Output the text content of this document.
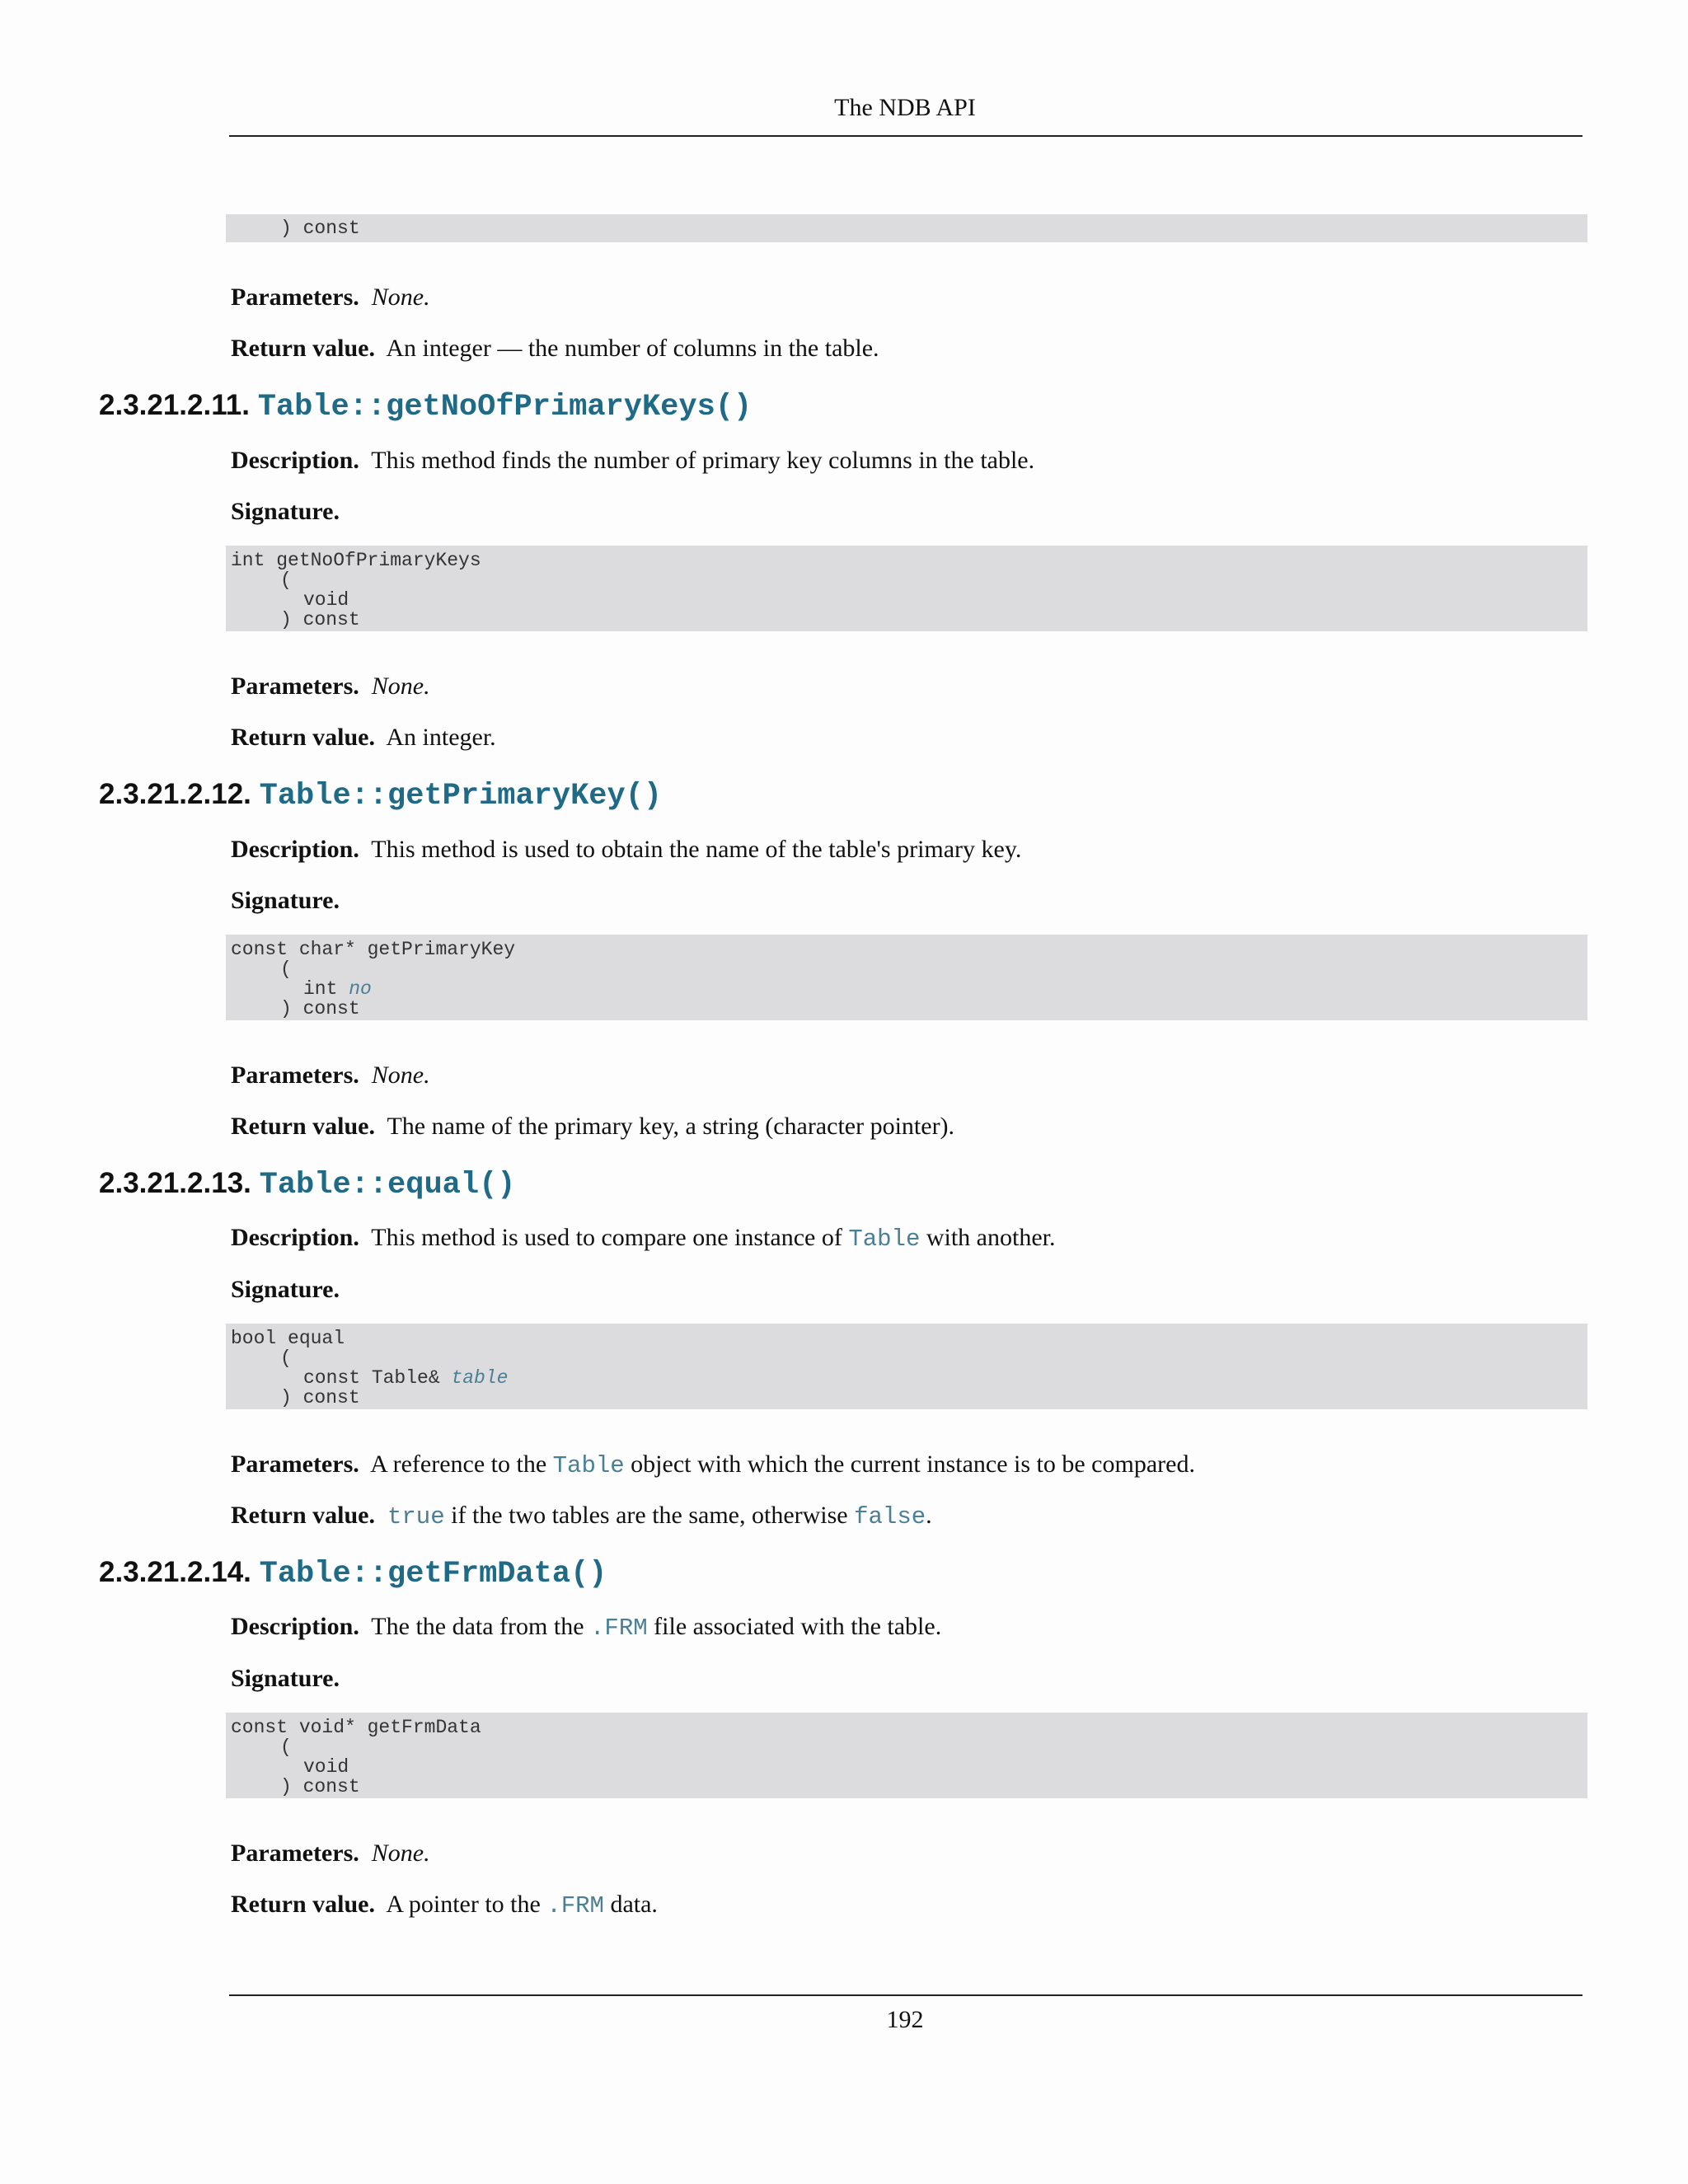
The NDB API
) const
Parameters. None.
Return value. An integer — the number of columns in the table.
2.3.21.2.11. Table::getNoOfPrimaryKeys()
Description. This method finds the number of primary key columns in the table.
Signature.
int getNoOfPrimaryKeys
(
void
) const
Parameters. None.
Return value. An integer.
2.3.21.2.12. Table::getPrimaryKey()
Description. This method is used to obtain the name of the table's primary key.
Signature.
const char* getPrimaryKey
(
int no
) const
Parameters. None.
Return value. The name of the primary key, a string (character pointer).
2.3.21.2.13. Table::equal()
Description. This method is used to compare one instance of Table with another.
Signature.
bool equal
(
const Table& table
) const
Parameters. A reference to the Table object with which the current instance is to be compared.
Return value. true if the two tables are the same, otherwise false.
2.3.21.2.14. Table::getFrmData()
Description. The the data from the .FRM file associated with the table.
Signature.
const void* getFrmData
(
void
) const
Parameters. None.
Return value. A pointer to the .FRM data.
192
